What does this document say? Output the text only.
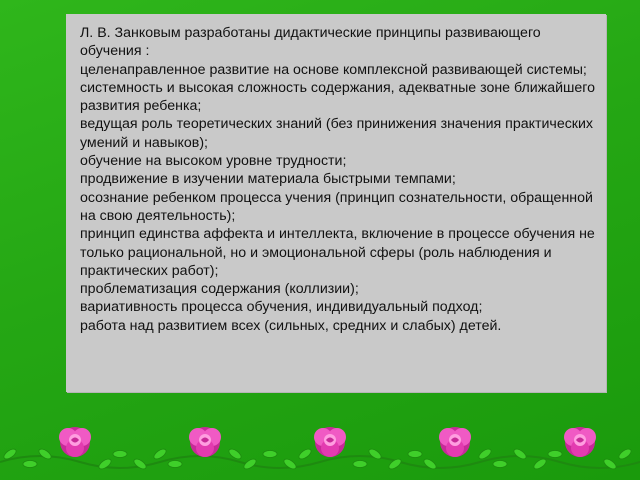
Л. В. Занковым разработаны дидактические принципы развивающего обучения :

целенаправленное развитие на основе комплексной развивающей системы;

системность и высокая сложность содержания, адекватные зоне ближайшего развития ребенка;

ведущая роль теоретических знаний (без принижения значения практических умений и навыков);

обучение на высоком уровне трудности;

продвижение в изучении материала быстрыми темпами;

осознание ребенком процесса учения (принцип сознательности, обращенной на свою деятельность);

принцип единства аффекта и интеллекта, включение в процессе обучения не только рациональной, но и эмоциональной сферы (роль наблюдения и практических работ);

проблематизация содержания (коллизии);

вариативность процесса обучения, индивидуальный подход;

работа над развитием всех (сильных, средних и слабых) детей.
